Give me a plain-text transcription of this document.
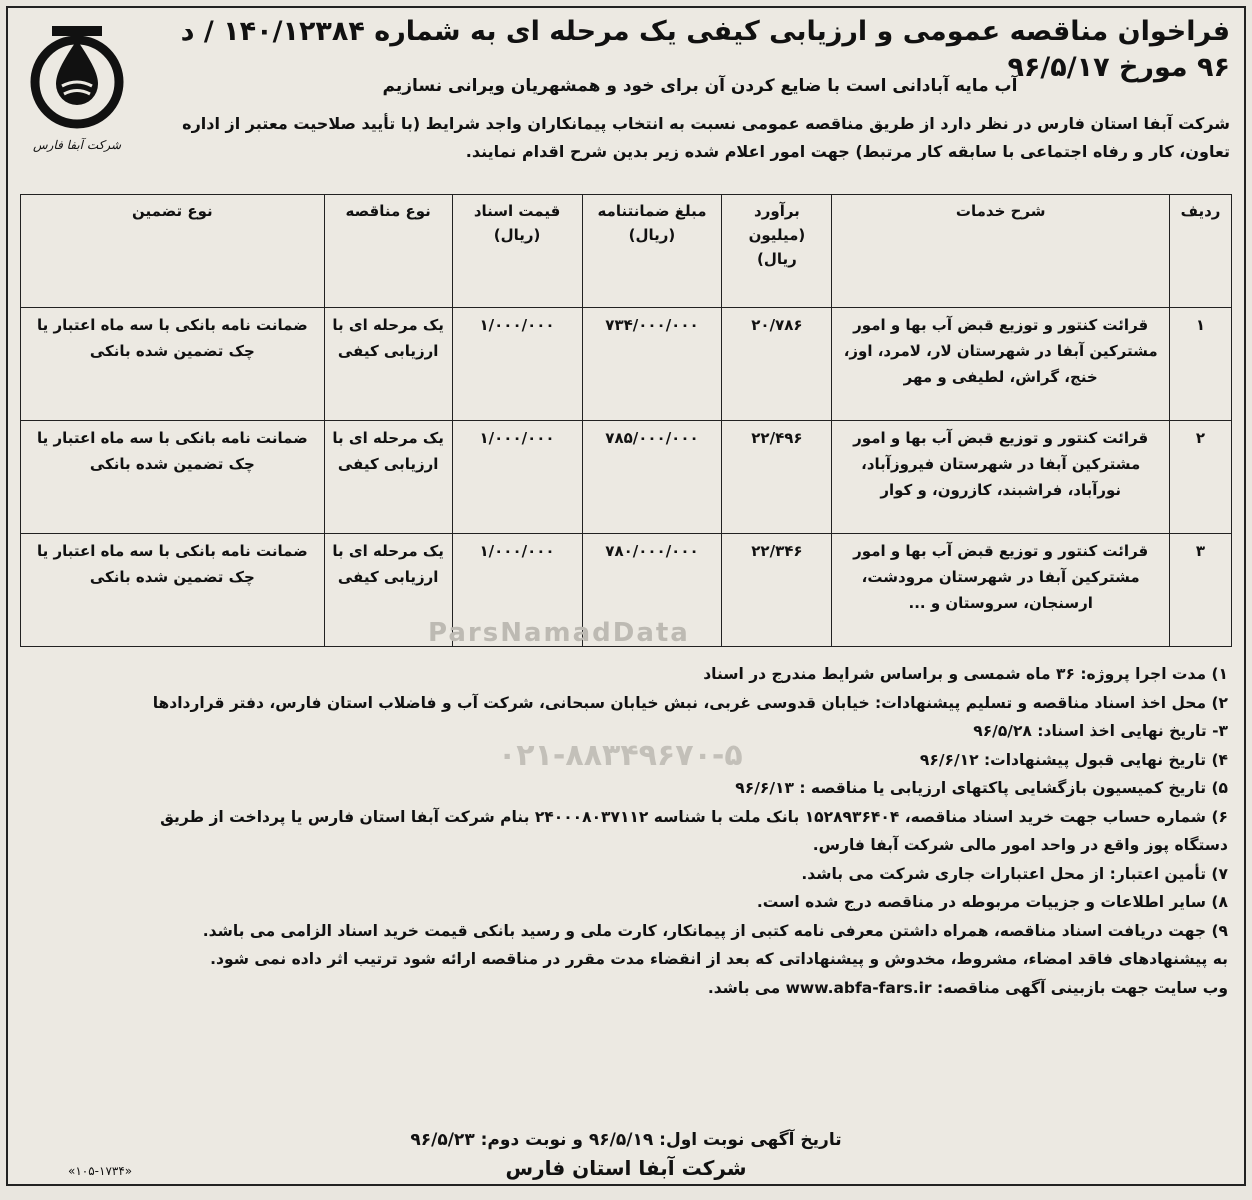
شرکت آبفا فارس
فراخوان مناقصه عمومی و ارزیابی کیفی یک مرحله ای به شماره ۱۴۰/۱۲۳۸۴ / د ۹۶ مورخ ۹۶/۵/۱۷
آب مایه آبادانی است با ضایع کردن آن برای خود و همشهریان ویرانی نسازیم

شرکت آبفا استان فارس در نظر دارد از طریق مناقصه عمومی نسبت به انتخاب پیمانکاران واجد شرایط (با تأیید صلاحیت معتبر از اداره

تعاون، کار و رفاه اجتماعی با سابقه کار مرتبط) جهت امور اعلام شده زیر بدین شرح اقدام نمایند.

ردیف	شرح خدمات	برآورد (میلیون ریال)	مبلغ ضمانتنامه (ریال)	قیمت اسناد (ریال)	نوع مناقصه	نوع تضمین
۱	قرائت کنتور و توزیع قبض آب بها و امور مشترکین آبفا در شهرستان لار، لامرد، اوز، خنج، گراش، لطیفی و مهر	۲۰/۷۸۶	۷۳۴/۰۰۰/۰۰۰	۱/۰۰۰/۰۰۰	یک مرحله ای با ارزیابی کیفی	ضمانت نامه بانکی با سه ماه اعتبار یا چک تضمین شده بانکی
۲	قرائت کنتور و توزیع قبض آب بها و امور مشترکین آبفا در شهرستان فیروزآباد، نورآباد، فراشبند، کازرون، و کوار	۲۲/۴۹۶	۷۸۵/۰۰۰/۰۰۰	۱/۰۰۰/۰۰۰	یک مرحله ای با ارزیابی کیفی	ضمانت نامه بانکی با سه ماه اعتبار یا چک تضمین شده بانکی
۳	قرائت کنتور و توزیع قبض آب بها و امور مشترکین آبفا در شهرستان مرودشت، ارسنجان، سروستان و ...	۲۲/۳۴۶	۷۸۰/۰۰۰/۰۰۰	۱/۰۰۰/۰۰۰	یک مرحله ای با ارزیابی کیفی	ضمانت نامه بانکی با سه ماه اعتبار یا چک تضمین شده بانکی
ParsNamadData
۰۲۱-۸۸۳۴۹۶۷۰-۵

۱) مدت اجرا پروژه: ۳۶ ماه شمسی و براساس شرایط مندرج در اسناد

۲) محل اخذ اسناد مناقصه و تسلیم پیشنهادات: خیابان قدوسی غربی، نبش خیابان سبحانی، شرکت آب و فاضلاب استان فارس، دفتر قراردادها

۳- تاریخ نهایی اخذ اسناد: ۹۶/۵/۲۸

۴) تاریخ نهایی قبول پیشنهادات: ۹۶/۶/۱۲

۵) تاریخ کمیسیون بازگشایی پاکتهای ارزیابی یا مناقصه : ۹۶/۶/۱۳

۶) شماره حساب جهت خرید اسناد مناقصه، ۱۵۲۸۹۳۶۴۰۴ بانک ملت با شناسه ۲۴۰۰۰۸۰۳۷۱۱۲ بنام شرکت آبفا استان فارس یا پرداخت از طریق

دستگاه پوز واقع در واحد امور مالی شرکت آبفا فارس.

۷) تأمین اعتبار: از محل اعتبارات جاری شرکت می باشد.

۸) سایر اطلاعات و جزییات مربوطه در مناقصه درج شده است.

۹) جهت دریافت اسناد مناقصه، همراه داشتن معرفی نامه کتبی از پیمانکار، کارت ملی و رسید بانکی قیمت خرید اسناد الزامی می باشد.

به پیشنهادهای فاقد امضاء، مشروط، مخدوش و پیشنهاداتی که بعد از انقضاء مدت مقرر در مناقصه ارائه شود ترتیب اثر داده نمی شود.

وب سایت جهت بازبینی آگهی مناقصه: www.abfa-fars.ir می باشد.

تاریخ آگهی نوبت اول: ۹۶/۵/۱۹ و نوبت دوم: ۹۶/۵/۲۳
شرکت آبفا استان فارس
«۱۰۵-۱۷۳۴»
